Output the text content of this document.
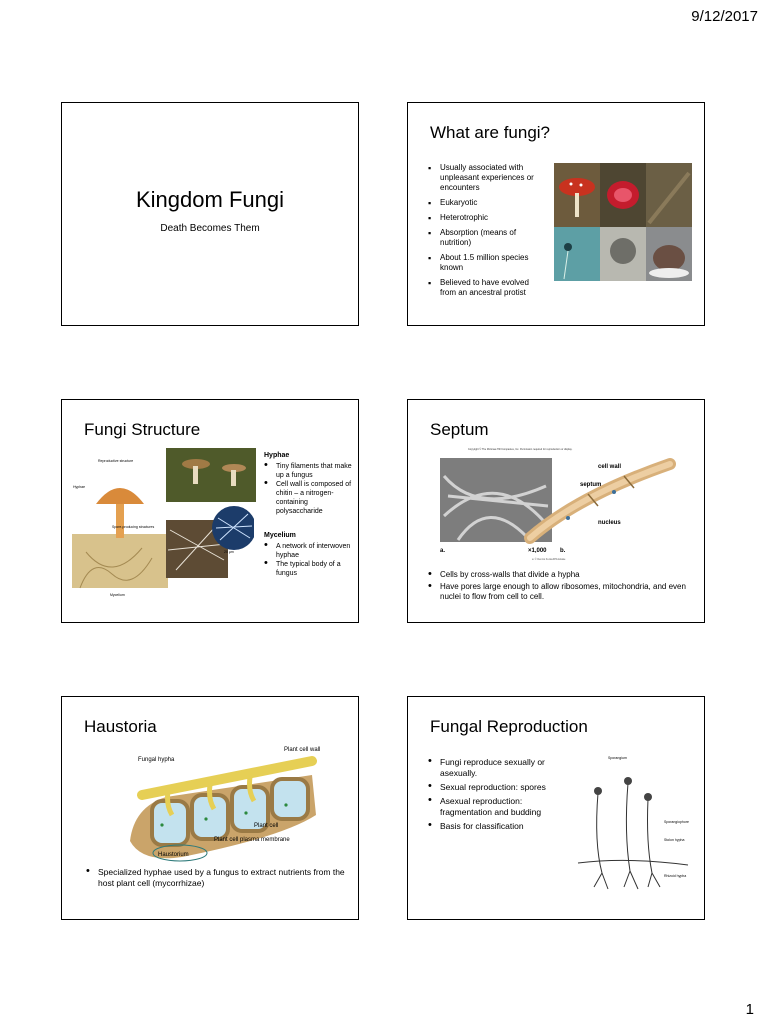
9/12/2017
Kingdom Fungi
Death Becomes Them
What are fungi?
▪ Usually associated with unpleasant experiences or encounters
▪ Eukaryotic
▪ Heterotrophic
▪ Absorption (means of nutrition)
▪ About 1.5 million species known
▪ Believed to have evolved from an ancestral protist
Fungi Structure
Reproductive structure
Hyphae
Spore-producing structures
Mycelium
20 µm
Hyphae
• Tiny filaments that make up a fungus
• Cell wall is composed of chitin – a nitrogen-containing polysaccharide
Mycelium
• A network of interwoven hyphae
• The typical body of a fungus
Septum
Copyright © The McGraw-Hill Companies, Inc. Permission required for reproduction or display.
cell wall
septum
nucleus
a.	×1,000 b.
a: © Dennis Kunkel/Phototake
• Cells by cross-walls that divide a hypha
• Have pores large enough to allow ribosomes, mitochondria, and even nuclei to flow from cell to cell.
Haustoria
Fungal hypha
Plant cell wall
Plant cell
Plant cell plasma membrane
Haustorium
• Specialized hyphae used by a fungus to extract nutrients from the host plant cell (mycorrhizae)
Fungal Reproduction
• Fungi reproduce sexually or asexually.
• Sexual reproduction: spores
• Asexual reproduction: fragmentation and budding
• Basis for classification
Sporangium
Sporangiophore
Stolon hypha
Rhizoid hypha
1
